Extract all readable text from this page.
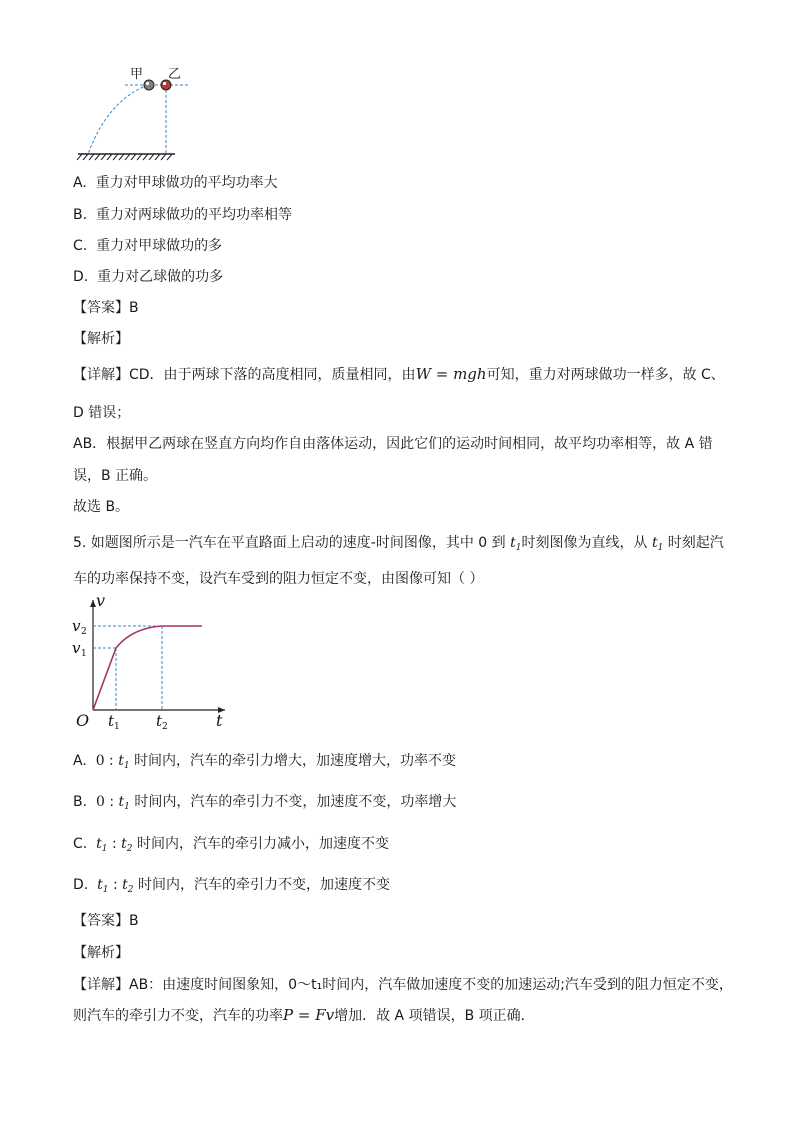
甲 乙
A. 重力对甲球做功的平均功率大
B. 重力对两球做功的平均功率相等
C. 重力对甲球做功的多
D. 重力对乙球做的功多
【答案】B
【解析】
【详解】CD．由于两球下落的高度相同，质量相同，由W = mgh可知，重力对两球做功一样多，故 C、
D 错误；
AB．根据甲乙两球在竖直方向均作自由落体运动，因此它们的运动时间相同，故平均功率相等，故 A 错
误，B 正确。
故选 B。
5. 如题图所示是一汽车在平直路面上启动的速度-时间图像，其中 0 到 $t_1$时刻图像为直线，从 $t_1$ 时刻起汽
车的功率保持不变，设汽车受到的阻力恒定不变，由图像可知（ ）
v
t
O
v 2
v 1
t 1 t 2
A. 0 : $t_1$ 时间内，汽车的牵引力增大，加速度增大，功率不变
B. 0 : $t_1$ 时间内，汽车的牵引力不变，加速度不变，功率增大
C. $t_1$ : $t_2$ 时间内，汽车的牵引力减小，加速度不变
D. $t_1$ : $t_2$ 时间内，汽车的牵引力不变，加速度不变
【答案】B
【解析】
【详解】AB：由速度时间图象知，0～t₁时间内，汽车做加速度不变的加速运动;汽车受到的阻力恒定不变，
则汽车的牵引力不变，汽车的功率P = Fv增加．故 A 项错误，B 项正确．
